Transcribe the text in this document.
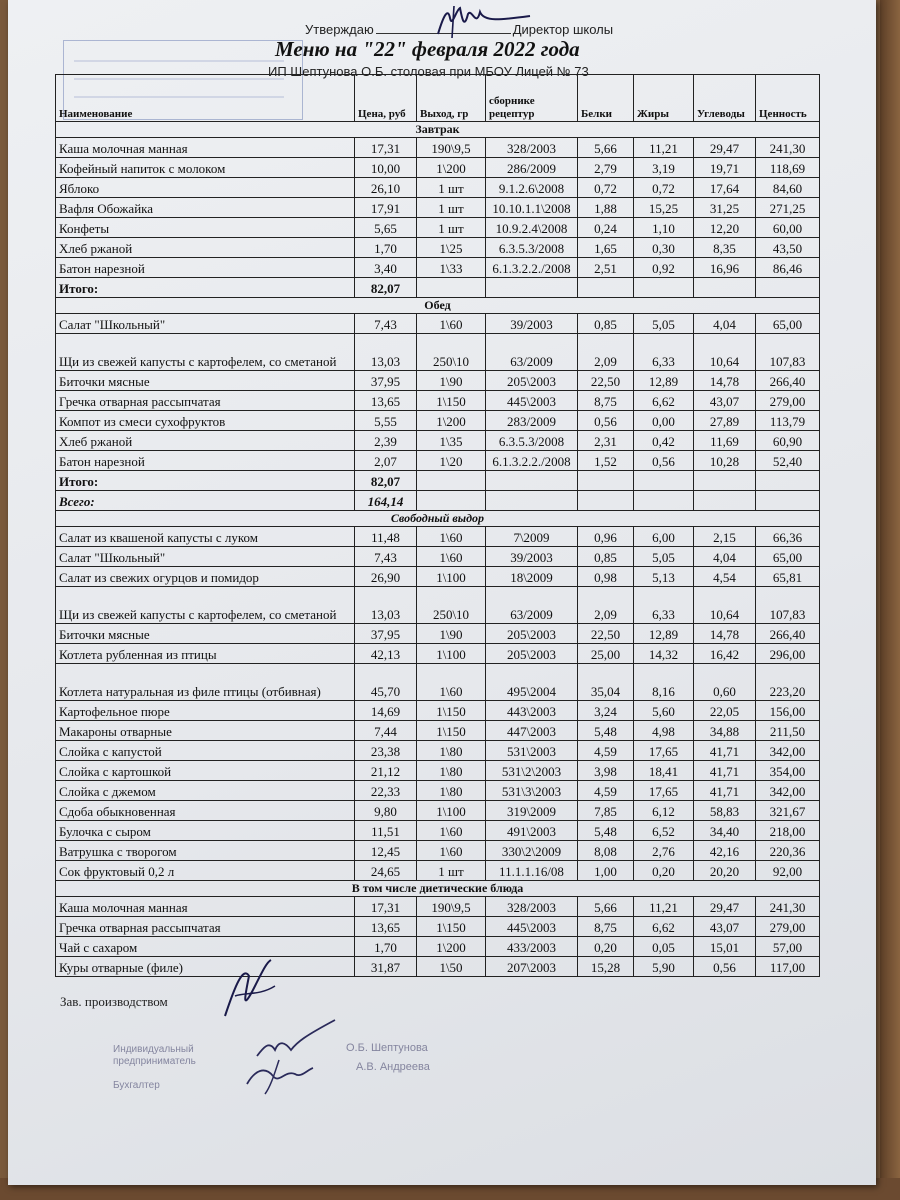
Утверждаю	Директор школы
Меню на "22" февраля 2022 года
ИП Шептунова О.Б. столовая при МБОУ Лицей № 73
Наименование	Цена, руб	Выход, гр	сборнике рецептур	Белки	Жиры	Углеводы	Ценность
Завтрак							
Каша молочная манная	17,31	190\9,5	328/2003	5,66	11,21	29,47	241,30
Кофейный напиток с молоком	10,00	1\200	286/2009	2,79	3,19	19,71	118,69
Яблоко	26,10	1 шт	9.1.2.6\2008	0,72	0,72	17,64	84,60
Вафля Обожайка	17,91	1 шт	10.10.1.1\2008	1,88	15,25	31,25	271,25
Конфеты	5,65	1 шт	10.9.2.4\2008	0,24	1,10	12,20	60,00
Хлеб ржаной	1,70	1\25	6.3.5.3/2008	1,65	0,30	8,35	43,50
Батон нарезной	3,40	1\33	6.1.3.2.2./2008	2,51	0,92	16,96	86,46
Итого:	82,07						
Обед							
Салат "Школьный"	7,43	1\60	39/2003	0,85	5,05	4,04	65,00
Щи из свежей капусты с картофелем, со сметаной	13,03	250\10	63/2009	2,09	6,33	10,64	107,83
Биточки мясные	37,95	1\90	205\2003	22,50	12,89	14,78	266,40
Гречка отварная рассыпчатая	13,65	1\150	445\2003	8,75	6,62	43,07	279,00
Компот из смеси сухофруктов	5,55	1\200	283/2009	0,56	0,00	27,89	113,79
Хлеб ржаной	2,39	1\35	6.3.5.3/2008	2,31	0,42	11,69	60,90
Батон нарезной	2,07	1\20	6.1.3.2.2./2008	1,52	0,56	10,28	52,40
Итого:	82,07						
Всего:	164,14						
Свободный выдор							
Салат из квашеной капусты с луком	11,48	1\60	7\2009	0,96	6,00	2,15	66,36
Салат "Школьный"	7,43	1\60	39/2003	0,85	5,05	4,04	65,00
Салат из свежих огурцов и помидор	26,90	1\100	18\2009	0,98	5,13	4,54	65,81
Щи из свежей капусты с картофелем, со сметаной	13,03	250\10	63/2009	2,09	6,33	10,64	107,83
Биточки мясные	37,95	1\90	205\2003	22,50	12,89	14,78	266,40
Котлета рубленная из птицы	42,13	1\100	205\2003	25,00	14,32	16,42	296,00
Котлета натуральная из филе птицы (отбивная)	45,70	1\60	495\2004	35,04	8,16	0,60	223,20
Картофельное пюре	14,69	1\150	443\2003	3,24	5,60	22,05	156,00
Макароны отварные	7,44	1\150	447\2003	5,48	4,98	34,88	211,50
Слойка с капустой	23,38	1\80	531\2003	4,59	17,65	41,71	342,00
Слойка с картошкой	21,12	1\80	531\2\2003	3,98	18,41	41,71	354,00
Слойка с джемом	22,33	1\80	531\3\2003	4,59	17,65	41,71	342,00
Сдоба обыкновенная	9,80	1\100	319\2009	7,85	6,12	58,83	321,67
Булочка с сыром	11,51	1\60	491\2003	5,48	6,52	34,40	218,00
Ватрушка с творогом	12,45	1\60	330\2\2009	8,08	2,76	42,16	220,36
Сок фруктовый 0,2 л	24,65	1 шт	11.1.1.16/08	1,00	0,20	20,20	92,00
В том числе диетические блюда							
Каша молочная манная	17,31	190\9,5	328/2003	5,66	11,21	29,47	241,30
Гречка отварная рассыпчатая	13,65	1\150	445\2003	8,75	6,62	43,07	279,00
Чай с сахаром	1,70	1\200	433/2003	0,20	0,05	15,01	57,00
Куры отварные (филе)	31,87	1\50	207\2003	15,28	5,90	0,56	117,00
Зав. производством
Индивидуальный
предприниматель
Бухгалтер
О.Б. Шептунова
А.В. Андреева
